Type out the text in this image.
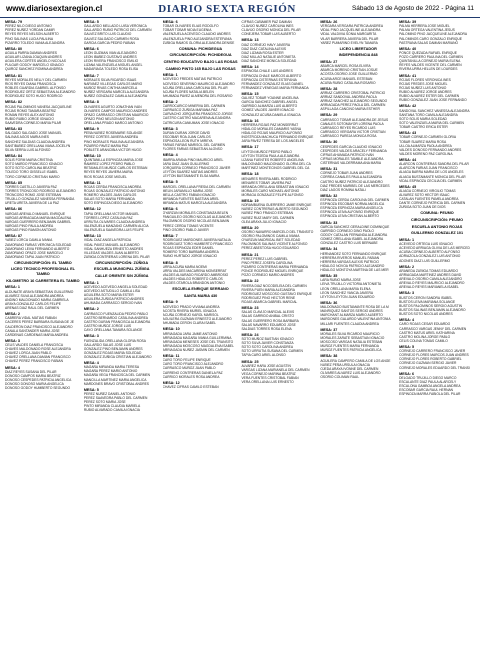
www.diariosextaregion.cl	DIARIO SEXTA REGIÓN	Sábado 13 de Agosto de 2022 - Página 11
MESA: 79
PEREZ NILO DIEGO ANTONIO
PEREZ NUÑEZ YORDAN DAMIR
REYES REYES NELSON ALBERTO
PINO SALINAS LUCIA PAULINA
PIZARRO TOLEDO VANIA ALEJANDRA
MESA: 80
AGUILA PARRA DAMIAN ANDRES
AGUILAR LIZANA JOAQUIN ANDRES
AGUILERA CORTES ANGELO NICOLAS
PULGAR GODOY MARCELO IGNACIO
QUIROZ SANCHEZ ROMINA ANDREA
MESA: 81
REYES MORALES NELLY DEL CARMEN
RIOS REYES DIANA FRANCISCA
ROBLES GUARDIA GABRIEL ALFONSO
RODRIGUEZ ORTIZ SEBASTIAN ALEJANDRO
RODRIGUEZ SOTO HUGO RODRIGO
MESA: 82
ROJAS PALOMINOS VANESA JACQUELINE
ROJAS ROMO TAMARA BEATRIZ
ROMAN REYES ALEX ANTONIO
RUBIO RUBIO JORGE IGNACIO
SAAVEDRA CORNEJO MARIA PILAR
MESA: 83
SALGADO SALGADO JOSE MANUEL
SALINAS AGOS MARIA INES
SANCHEZ SALDIAS CLAUDIA ANDREA
SANTIBAÑEZ ORELLANA IVANA JOCELYN
SILVA SERRA LUIS ALFONSO
MESA: 84
SOLIS FORM MARIA CRISTINA
SOTO MARDO FRANCISCO IGNACIO
SOTO SOTO CAROLINA BEATRIZ
TOLEDO TORO GISSELLE ISABEL
TORO CORNEJO CRISTIAN MARIO
MESA: 85
TORRES CASTILLO JAVIERA PAZ
TORRES TRONCOSO RODRIGO ALEJANDRO
TRONCOSO ROMO JOSE ESTEBAN
TRUJILLO GONZALEZ VANESSA FERNANDA
URETA URETA JAVIERA DE LA PAZ
MESA: 86
VARGAS AREVALO MANUEL ENRIQUE
VARGAS ARRIAGADA MARIA MAGDALENA
VARGAS GUERRERO BENJAMIN GABRIEL
VARGAS PINO PAULA ANDREA
VARGAS PINO RAMON ANTONIO
MESA: 87
YAÑEZ LORCA CAMILA IVANIA
ZAMORANO FARIAS VERONICA SOLEDAD
ZAMORANO LEIVA FERNANDO ALBERTO
ZAMORANO OPAZO JOSE MARCELO
ZAMORANO TAPIA JUAN PATRICIO
CIRCUNSCRIPCIÓN: EL TAMBO
LICEO TECNICO PROFESIONAL EL TAMBO
KILOMETRO 16 CARRETERA EL TAMBO
MESA: 1
ALDUNATE ARAYA SEBASTIAN GUILLERMO
ALVAREZ SILVA ALEJANDRA ANDREA
ANDINO MALDONADO MARIA GABRIELA
ARAYA GONZALEZ CARLOS FELIPE
ARENAS DIAZ RAUL DEL CARMEN
MESA: 2
CABRERA VIDAL MATIAS FABIAN
CACERES PEREZ BARBARA SUSANA DE JE
CALDERON DIAZ FRANCISCO ALEJANDRO
CANALA SANTANDER MARIA JOSE
CARDENAS CARDENAS MARIA ANDREA
MESA: 3
CELIS VALDES DANIELA FRANCISCA
CHAVES MALDONADO ROSE ALEJANDRA
CHAVEZ LORCA JUAN PABLO
CHAVEZ ORELLANA DAMIAN FRANCISCO
CHAVEZ PEREZ FRANCISCO FABIAN
MESA: 4
DIAZ REYES SUSANA DEL PILAR
DONOSO CAMPOS MARIA BEATRIZ
DONOSO CESPEDES PATRICIA ANGELICA
DONOSO DONOSO MARIA ANGELICA
DONOSO GODOY HUMBERTO SEGUNDO
MESA: 5
GALLARDO MELLADO LUISA VERONICA
GALLARDO RUBIO PATRICIO DEL CARMEN
GALVEZ BRITO LUIS CLAUDIO
GALVEZ SALGADO CARMEN ROSA
GARCIA GARCIA PEDRO FABIAN
MESA: 6
LEON GUZMAN IVAN ALEJANDRO
LEON IBAÑEZ GUSTAVO ANDRES
LEON RIVERA FRANCISCO EMILIO
LIZANA VALENZUELA MIGUEL ANGEL
MADARIAGA TOLEDO ROSA ELISA
MESA: 7
MORALES SILVA RICARDO ISAAS
NARVAEZ VILLEGAS CARLOS MARIO
MUÑOZ RIVAS CINTHIA MARCELA
NUÑEZ VERGARA MARCELA ALEJANDRA
NUÑEZ GONZALEZ CAMILA ALEJANDRA
MESA: 8
OLIVARES AGURTO JONATHAN IVAN
OLIVARES CAMPOS MAURICIO ANDRES
OPAZO CARRASCO CRISTIAN MAURICIO
OPAZO PINO NELSON ANTONIO
ORELLANA PRADO MARCO ANTONIO
MESA: 9
PEÑA NUÑEZ ROSEMARIE SOLANGE
PEREZ CORTES JAVIERA ANDREA
PINO MORALES PAULINA ALEJANDRA
PIZARRO PAVEZ MARIA PAZ
POBLETE ARANCIBIA VICTOR HUGO
MESA: 10
QUINTANILLA ESPINOZA MARIA JOSE
RAMIREZ LOPEZ PEDRO PABLO
RETAMALES MUÑOZ CARLOS ESTEBAN
REYES REYES JAVIERA MARIA
RIOS ROJAS JOSE MIGUEL
MESA: 11
ROJAS CERDA FRANCISCA ANDREA
ROJAS GONZALEZ PATRICIO ANTONIO
ROMERO VALDES JUAN CARLOS
SALAS SOTO MARIA FERNANDA
SOTO ESPINOZA DIEGO ALEJANDRO
MESA: 12
TAPIA ORELLANA VICTOR MANUEL
TORRES LOPEZ CATALINA PAZ
URRUTIA OLIVARES CLAUDIA ANDREA
VALENZUELA MANZANO CARMEN ALICIA
VALENZUELA SAAVEDRA LUIS FELIPE
MESA: 13
VIDAL DIAZ ANGELA PATRICIA
VIDAL PAVEZ MANUEL ALEJANDRO
VIDAL SANHUEZA ERNESTO ANDRES
VILLEGAS VALDES JUAN ALBERTO
ZUÑIGA CONTRERAS LORENA DEL PILAR
CIRCUNSCRIPCIÓN: ZÚÑIGA
ESCUELA MUNICIPAL ZÚÑIGA
CALLE ORIENTE S/N ZÚÑIGA
MESA: 1
ACEVEDO ACEVEDO ANGELA SOLEDAD
ACEVEDO ASTUDILLO CAMILA LISA
AGUILERA SOTO MARIA ESTER
AGUILERA ZUÑIGA PATRICIO ANDRES
AHUMADA CARRASCO SERGIO IVAN
MESA: 2
CARRASCO FUENZALIDA PEDRO PABLO
CASTRO BERNARDO CATALINA ANDREA
CASTRO DURAN FRANCISCA ALEJANDRA
CASTRO MUÑOZ JORGE LUIS
CAYO ORELLANA TAMARA SOLANGE
MESA: 3
FUENZALIDA ORELLANA GLORIA ROSA
GALLARDO SALAS JOSE LUIS
GONZALEZ PINO BENJAMIN ANDRES
GONZALEZ ROJAS MARIA SOLEDAD
GONZALEZ ZUÑIGA CRISTIAN ALEJANDRO
MESA: 4
MAGAÑA MIRANDA MARIA TERESA
MAGAÑA PEREZ MARIO ANTONIO
MAGAÑA VEGA FRANCISCA DEL CARMEN
MANCILLA MARTINEZ MARIA ANGELICA
MARDONES BRAVO CRISTOBAL ANDRES
MESA: 5
PEREZ NUÑEZ DANIEL ANTONIO
PEREZ SAAVEDRA PABLO DEL CARMEN
PEREZ SOTO MARIA JOSE
PINTO MIRANDA CLAUDIA MARIELA
RUBIO ALVARADO CAMILA IGNACIA
MESA: 6
TOBAR OLIVARES ELIAS RODOLFO
TOBAR TOBAR NIDIA EUGENIA
VALENZUELA ACEVEDO CLAUDIO ANDRES
VALENZUELA PINO ALEJANDRA ESTEFANIA
ZUÑIGA RAMOS GLORIA ALEJANDRA DENISE
COMUNA: PICHIDEGUA
CIRCUNSCRIPCIÓN: PICHIDEGUA
CENTRO EDUCATIVO BAJO LAS ROSAS
CAMINO PINTO 165 BAJO LAS ROSAS
MESA: 1
ACEVEDO FREDES MATIAS PATRICIO
ACEVEDO SEVERINO MAURICIO ALEJANDRO
ACUÑA ORELLANA CAROLINA DEL PILAR
ACUÑA FLORES NATALIA BELEN
AHUMADA PAVEZ ALMENDRA DEL ROSARIO
MESA: 2
CARROCARICO MINERVA DEL CARMEN
CARRASCO ZUÑIGA MARIANA PAZ
CARVACHO JORQUERA FRANCISCO JORGE
CASTRO CASTRO MACARENA ALEJANDRA
CATRICURA CANIUMAN JOSE IGNACIO
MESA: 3
DURAN DURAN JORGE DAVID
ESCOBAR ROA JUAN CARLOS
ESPINOSA LEON RUTH MIREYA
FARIAS FARIAS MARISOL DEL CARMEN
FLORES FARIAS SEBASTIAN ALONSO
MESA: 4
IBARRA ARANA PINO MAURICIO ARIEL
JARA DIAZ JUAN GUILLERMO
JORQUERA CORNEJO FRANCISCO JAVIER
LEYTON SUAREZ MATIAS ANDRES
LEYTON BUSTAMANTE ELSA MARIA
MESA: 5
MARCIEL ORELLANA FRESIA DEL CARMEN
MELIN JARAMILLO MARIA JOSE
MELLA CASTRO FABIAN IGNACIO
MIRANDA FUENTES BASTIAN ARIEL
MIRANDA MATUS MARCELA ALEJANDRA
MESA: 6
OYARZUN MORALES CONSTANZA BELEN
PANGUILEO OSORIO NICOLAS ALEJANDRO
PALOMINOS OSORIO NICOLAS BENJAMIN
PEREZ CERDA TOMAS VICENTE
PINO OSORIO PABLO JAVIER
MESA: 7
RODRIGUEZ MARDONES JAVIERA NATALIA
RODRIGUEZ TORO HUMBERTO FRANCISCO
ROJAS ESPINOZA EDER DANIEL
ROMERO TORO BARBARA ANDREA
RUBIO HURTADO JORGE IGNACIO
MESA: 8
URRA ACUÑA MARIA NOEMI
URRA VALDES MACARENA MONSERRAT
VALDES ALVARADO RICARDO AMBROSIO
VALDES HIDALGO ROBERTO CARLOS
VALDES OTAROLA BRANDON ANTONIO
ESCUELA ENRIQUE SERRANO
SANTA MARIA 430
MESA: 9
ACEVEDO PRADO VIVIANA ANDREA
ACOSTA RIVERA MURIEL IGNACIA
ACUÑA CORNEJO KAROL MARISOL
AGUILERA GUZMAN ERNESTO ALEJANDRO
AHUMADA CERON CLARA ISABEL
MESA: 10
ARRIAGADA JARA JAIME ANTONIO
ARRIAGADA MAGAÑA IVANIA GUILLERMINA
ARRIAGADA MENESES JOSE DEL TRANSITO
ARRIAGADA MOSCOSO MAGDALENA ISABEL
ARRIAGADA NUÑEZ JASMIN DEL CARMEN
MESA: 11
CARO TORO FELIPE ENRIQUE
CARO TORO FRANCISCO ALEJANDRO
CARRASCO MUÑOZ JUAN PABLO
CARRENO CONTRERAS DANIELA PAZ
CARRICO MORALES ROSA ANDREA
MESA: 12
CHAVEZ CIFRAS CAMILO ESTEBAN
CIFRAS CAÑAMER PAZ DAMIAN
CLAVIJO NUÑEZ CAROLINA INES
CLAVIJO OSORIO MONICA DEL PILAR
CONEJERA TOBAR LUIS ALBERTO
MESA: 13
DIAZ CORNEJO HAVY JAVIERA
DIAZ DIAZ CATALINA ALEXIS
DIAZ LIZAMA ROSA ESTER
DIAZ MILLAO NATALIE ANTONIETA
DIAZ SANCHEZ MONICA SOLEDAD
MESA: 14
ESPINOSA CHALE LUIS ANDRES
ESPINOZA CHALE MARCOS ALBERTO
ESPINOZA CISTERNAS ESTEFANIA
FERNANDEZ GONZALEZ ELIAS DANIEL
FERNANDEZ VENEGAS MARIA FERNANDA
MESA: 15
GALVEZ TOBAR YOANNE ANGELINA
GARCIA SANCHEZ GABRIEL ANGEL
GARRIDO ALMARZA LUIS ALBERTO
GOMEZ VALDES JAVIER IGNACIO
GONZALEZ ACUÑA DANIELA IGNACIA
MESA: 16
HERRERA ROJAS PAZ MONSERRAT
HIDALGO MORALES DAMARIS YASNA
HIDALGO ROJAS MAURICIO ALFONSO
INOSTROZA MACHUCA FERNANDO ENRIQUE
JARA PAVEZ TERESA DE LOS ANGELES
MESA: 17
LEYTON MUÑOZ PEDRO PABLO
LEYTON TEJEDA PAULA ALEJANDRA
LIZANA FUENTES ROBERTO ANGELINA
MALDONADO MALDONADO GLORIA DEL CA
MARTINEZ MONTECINOS GABRIEL DEL CA
MESA: 18
MENARES RIVERA ABEL RODRIGO
MENARES TOBAR JAVIERA PAZ
MIRANDA ORELLANA SEBASTIAN IGNACIO
MORALES CARO MICHAEL ANTONIO
MORAGA GONZALEZ FELIPE ALFONSO
MESA: 19
NORAMBUENA GUERRERO JAIME ENRIQUE
NUÑEZ CONTRERAS ALBERTO SEGUNDO
NUÑEZ PINO FRANCO ESTEBAN
NUÑEZ RUIZ MARY DEL CARMEN
OLEA ARAYA JULIO IGNACIO
MESA: 20
OSORIO NAVARRO MARCELO DEL TRANSITO
OSORIO PALOMINOS CAMILA IVANIA
OYARZUN MADRIGAL BIET SOLEDAD
PALOMINOS SALINAS VICENTE ALFONSO
PEREZ ABESTOSA HUGO EDUARDO
MESA: 21
PEREZ PEREZ LUIS GABRIEL
PINO PEREZ JOSEFA CAROLINA
PIZARRO CONTRERAS MARIA FERNANDA
PONCE RODRIGUEZ MIGUEL ENRIQUE
POZO CORNEJO MARIO ANDRES
MESA: 22
RIVERA DIAZ NOCODELEIA DEL CARMEN
RIVERA PUEN MARIA ALEJANDRA
RODRIGUEZ MOSCOSO GUSTAVO ENRIQUE
RODRIGUEZ PINO HECTOR RENE
ROJAS ABARCA GABRIEL MARCIAL
MESA: 23
SALAS CLAVIJO MARCIAL ALEXIS
SALAS GARRIDO ANIBAL CRISTO
SALAS GUERRERO ROSA BARBARA
SALAS NAVARRO EDUARDO JOSE
SALDIAS TORRES ROSA ELENA
MESA: 24
SOTO MUÑOZ BASTIAN IGNACIO
SOTO SILVA JAVIER CONSTANZA
SOTO SOTO CAROLINA ANDREA
SOTO URRUTIA SUSANA DEL CARMEN
TAPIA CARO ARIEL ALONSO
MESA: 25
ALVAREZ HARA JOSE AGUSTIN
VARGAS LIZANA MARIANELA DEL CARMEN
VEGA CORNEJO MARINA BEATRIZ
VERA FUENTES CRISTOBAL FABIAN
VERA ORELLANA LUIS ERNESTO
MESA: 26
VERGARA VERGARA PATRICIA ANDREA
VIDAL PINO JACQUELINE ALEJANDRA
VIDAL VALDIVIA SONIA MARGARITA
VILAR BARRERA JAVIERA DEL PILAR
YAÑEZ PUMARINO EVELYN TAMARA
LICEO LIBERTADOR
INDEPENDENCIA 848
MESA: 27
ABARCA MARCEL ROSA ELVIRA
ABARCA MORENO CRISTIAN JOSUE
ACOSTA OSORIO JOSE GUILLERMO
ACUÑA ARCE MANUEL ESTEBAN
ACUÑA RUBIO CATALINA ROSARIO
MESA: 28
ARRIAZ CARRERO CRISTOBAL PATRICIO
ARRIAZ SANDOVAL ANDREA PAOLA
ARRIAZ SANCHEZ ALEJANDRO SEGUNDO
ARRIAGADA PEREZ PAOLA DEL CARMEN
ASPILLAGA CANCINO MARIA ESTHER
MESA: 29
CARRASCO TOBAR ALEJANDRA DE JESUS
CANALES SOTOMAYOR LORENA PAOLA
CARRASCO REYES RICARDO LUIS
CARRASCO VERGARA VICTOR CRISTIAN
CARRASCO PAREJA MONICA ROSA
MESA: 30
CESPEDES GARCIA CLAUDIO IGNACIO
CESPEDES VALDES ARACELY FERNANDA
CIFRAS AHUMADA PATRICIO IVAN
CIFRAS MORALES TAMBLE ALEJANDRA
CISTERNAS VALDERRAMA ANA MARIA
MESA: 31
CORNEJO TOBAR JUAN ANDRES
CORREA CANALES PAULA ALEJANDRA
CASTRO NUÑEZ PATRICIO ALEJANDRO
DIAZ FREDES MARIBEL DE LAS MERCEDES
DIAZ LAGOS ROMINA NATALI
MESA: 32
ESPINOZA CERDA CAROLINA DEL CARMEN
ESPINOZA ESCOBAR NORMA ANGELICA
ESPINOZA ESPINOZA MARIA ANGELICA
ESPINOZA LEIVA ALFONSO ENRIQUE
ESPINOZA LEIVA CRISTIAN ALBERTO
MESA: 33
GARCIA SANCHEZ GERALDINE DOMINIQUE
GARRIDO CORNEJO DINO PAOLO
GODOY CATALAN FERNANDA ALEJANDRA
GOMEZ ORELLANA ISABEL ALEJANDRA
GONZALEZ CASTRO LUIS BERNABE
MESA: 34
HERNANDEZ SOTO FERNANDO ENRIQUE
HERRERA RIVEROS MANUEL FABIAN
HERRERA VARGAS ALEXIS PATRICIO
HIDALGO NOVOA PATRICIO ALEJANDRO
HIDALGO MONTOYA MARTINA DE LAS MER
MESA: 35
LARA RUBIO MARIA JOSE
LEIVA TRUJILLO VICTORIA ANTONIETA
LEON ORELLANA MARIA ELENA
LEON SANCHEZ YANCIA JAVIERA
LEYTON LEYTON JUAN EDUARDO
MESA: 36
MALDONADO BUSTAMANTE ROSA DE LA M
MANRIQUEZ SANTOS SERGIO ANDRES
MARCHANT ALMARZA MARIO ALBERTO
MARDONES GALARDO VALENTINA ANTONIA
MILLARI FUENTES CLAUDIA ANDREA
MESA: 37
MORALES SILVA RICARDO MAURICIO
MORALES ZARATE SEBASTIAN IGNACIO
MOSCOSO VARGAS NATALIA ESTEBAN
MUÑOZ FUENTES MARIA FERNANDA
MUÑOZ FUENTES PATRICIA ANGELICA
MESA: 38
AGUILERA CAMPERO CAMILA DE LOS ANGE
NUÑEZ PEÑA URSULA IGNACIA
OJEDA ARAYA IVONNE DEL CARMEN
OLIVARES ALVAREZ LUIS ALEJANDRO
OSORIO COLIMAN RAUL
MESA: 39
PALMA HERRERA JOSE MIGUEL
PALMA ORTEGA VALENTINA JESUS
PALOMINO PINO JACQUELINE ALEJANDRA
PALOMINOS CARO GONZALO ENRIQUE
PASTRANA SALAS DAMIAN MARIANO
MESA: 40
PONCE QUEZADA RAFAEL ENRIQUE
POZO CARRERO PAULINA DEL CARMEN
QUINTANILLA CORNEJO MARIA ELENA
REYES VALDES VICENTE DEL CARMEN
RIVERA URRA HELLEN DE LOURDES
MESA: 41
ROJAS FLORES VERONICA INES
ROJAS FREDES JOSE MIGUEL
ROJAS NUÑEZ LUIS ANTONIO
RUBIO ALVAREZ JORGE ANDRES
RUBIO ALVAREZ ESTER DEL CARMEN
RUBIO GONZALEZ JUAN JOSE FERNANDO
MESA: 42
SANDOVAL SANCHEZ VANESSA ALEJANDRA
SANTANA TORO CAMILA ALEJANDRA
SOTO SOLIS MARIA SOLEDAD
SOTO VALENZUELA MARIA DEL CARMEN
TOBAR CASTRO ERICA ESTER
MESA: 43
TOBAR CORNEJO CARMEN GLORIA
TOBAR SUAREZ MARIA ROSA
ULLOA ALMARZA PAOLA ANDREA
VALDES DONOSO FERNANDO ANDRES
VALDES MORENO PAZ CAROLINA
MESA: 44
ALARCON CONTRERAS SANDRA DEL PILAR
ALARCON FARIAS JUAN FRANCISCO
ALIAGA BARRA MARIA DE LOS ANGELES
ALIAGA BUSTAMANTE MONICA DEL PILAR
VIDAL ESPINOZA CECILIA DEL CARMEN
MESA: 45
ALIAGA CORNEJO VIRGILIO TOMAS
ALVAREZ SOTO HECTOR ISAAC
CATALAN FUENTES PAMELA ANDREA
DANTE CORNEJO PATRICIA DEL CARMEN
ZUÑIGA SOTO JUAN DE DIOS
COMUNA: PEUMO
CIRCUNSCRIPCIÓN: PEUMO
ESCUELA ANTONIO ROJAS
GUILLERMO GONZALEZ 101
MESA: 1
ACEVEDO ORTEGA LUIS IGNACIO
ACEVEDO ARRIAGA OLIVIA DE LAS MERCED
ACUÑA CORNEJO ALBERTO ALFONSO
ADRIAZOLA GONZALEZ LUIS ANTONIO
ADONES DIAZ LUIS GUILLERMO
MESA: 2
ARANEDA ZUÑIGA TOMAS EDUARDO
ARRIAGADA MARTINEZ ANDRES DAVID
AREVALO OSORIO CAMILA ALEJANDRO
AREVALO REYES MAURICIO ALEJANDRO
AREVALO REYES MARIANELA ISABEL
MESA: 3
BUSTOS CERON SANDRA ISABEL
BUSTOS LEIVA MARIANA SOLANGE
BUSTOS PALOMINOS SERGIO AGUSTIN
BUSTOS SALINAS BENJAMIN ALEJANDRO
BUSTOS SOTO NICOLAS ANDRES
MESA: 4
CARO ROJAS CESAR EDUARDO
CARRASCO VARGAS JENNY DEL CARMEN
CASTRO MATUS ARIEL KATHARINA
CASTRO MOLINA JORGE PABLO
CELIS COLINA TOMAS CAMILO
MESA: 5
CORNEJO CARRERO FRANCISCO JAVIER
CORNEJO FLORES MARCOS JUAN ANDRES
CORNEJO FLORES ROBERTO GABRIEL
CORNEJO GUZMAN SERGIO JAVIER
CORNEJO MORALES EDUARDO DEL TRANSI
MESA: 6
DELGADO TRUJILLO DIEGO MARCO
ESCALANTE DIAZ PAULA ALARCELY
ESCALONA GAMBOA ANGELA ANDREA
ESCOBAR GARCIA RAUL HERNAN
ESPINOZA MARRA FABIOLA DEL PILAR
